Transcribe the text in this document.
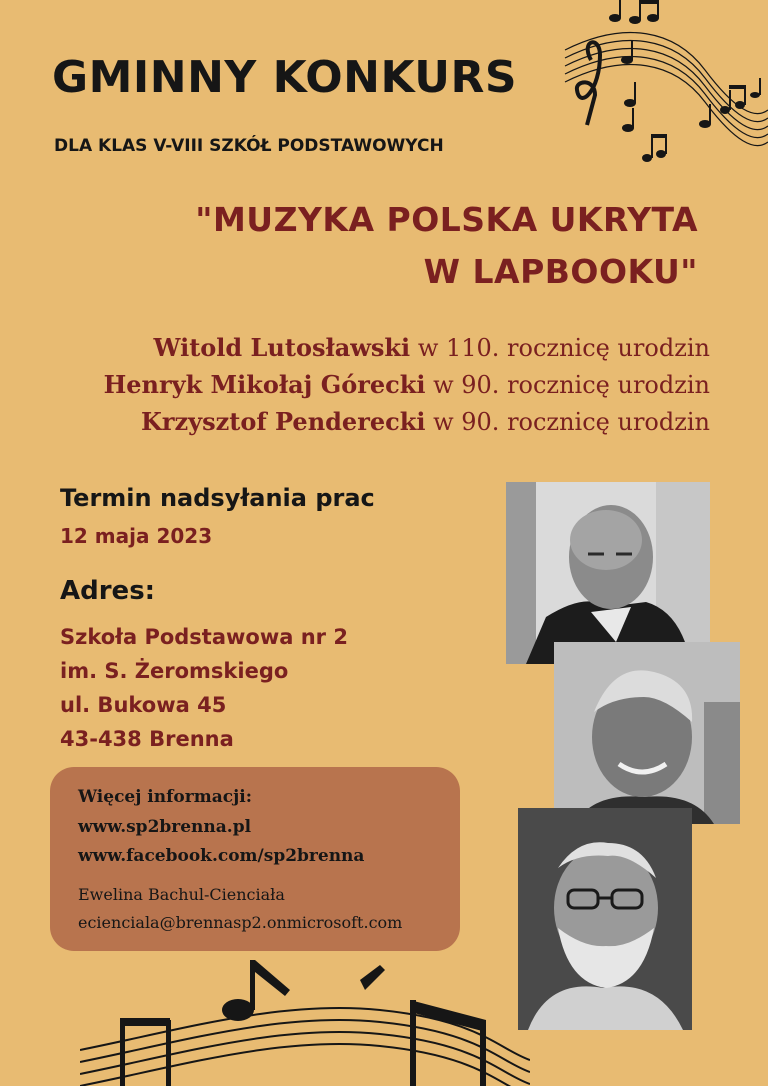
GMINNY KONKURS
DLA KLAS V-VIII SZKÓŁ PODSTAWOWYCH
"MUZYKA POLSKA UKRYTA
W LAPBOOKU"
Witold Lutosławski w 110. rocznicę urodzin
Henryk Mikołaj Górecki w 90. rocznicę urodzin
Krzysztof Penderecki w 90. rocznicę urodzin
Termin nadsyłania prac
12 maja 2023
Adres:
Szkoła Podstawowa nr 2
im. S. Żeromskiego
ul. Bukowa 45
43-438 Brenna
Więcej informacji:
www.sp2brenna.pl
www.facebook.com/sp2brenna
Ewelina Bachul-Cienciała
ecienciala@brennasp2.onmicrosoft.com
